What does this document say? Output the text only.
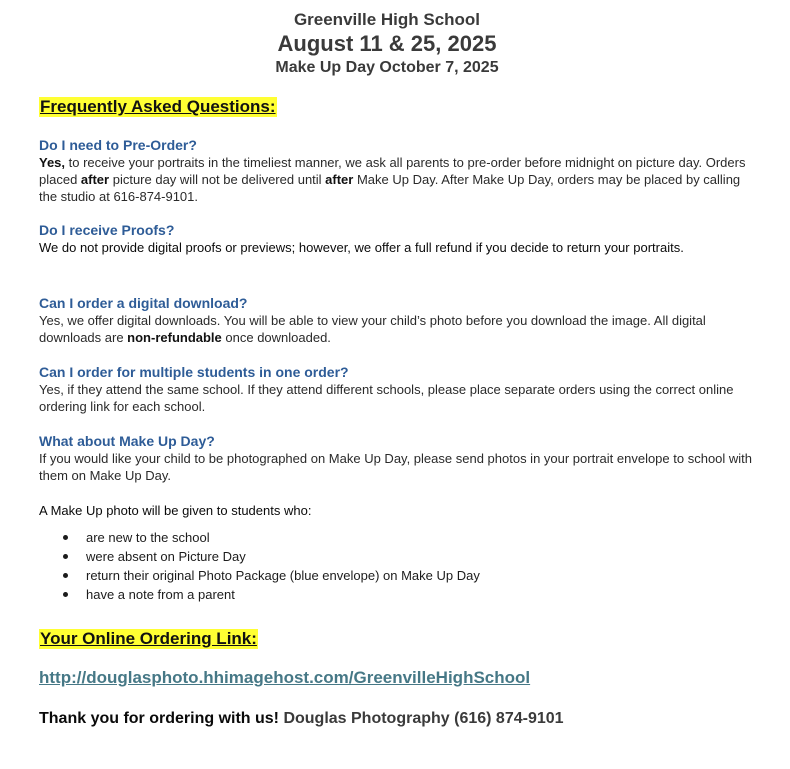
Greenville High School
August 11 & 25, 2025
Make Up Day October 7, 2025
Frequently Asked Questions:
Do I need to Pre-Order?
Yes, to receive your portraits in the timeliest manner, we ask all parents to pre-order before midnight on picture day. Orders placed after picture day will not be delivered until after Make Up Day. After Make Up Day, orders may be placed by calling the studio at 616-874-9101.
Do I receive Proofs?
We do not provide digital proofs or previews; however, we offer a full refund if you decide to return your portraits.
Can I order a digital download?
Yes, we offer digital downloads. You will be able to view your child’s photo before you download the image. All digital downloads are non-refundable once downloaded.
Can I order for multiple students in one order?
Yes, if they attend the same school. If they attend different schools, please place separate orders using the correct online ordering link for each school.
What about Make Up Day?
If you would like your child to be photographed on Make Up Day, please send photos in your portrait envelope to school with them on Make Up Day.
A Make Up photo will be given to students who:
are new to the school
were absent on Picture Day
return their original Photo Package (blue envelope) on Make Up Day
have a note from a parent
Your Online Ordering Link:
http://douglasphoto.hhimagehost.com/GreenvilleHighSchool
Thank you for ordering with us! Douglas Photography (616) 874-9101
